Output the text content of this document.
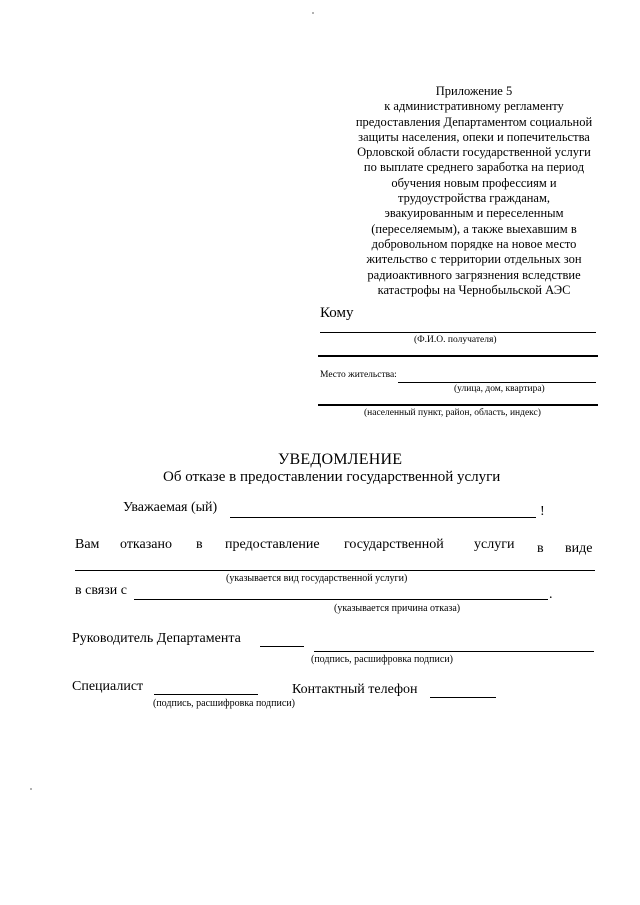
Приложение 5
к административному регламенту
предоставления Департаментом социальной
защиты населения, опеки и попечительства
Орловской области государственной услуги
по выплате среднего заработка на период
обучения новым профессиям и
трудоустройства гражданам,
эвакуированным и переселенным
(переселяемым), а также выехавшим в
добровольном порядке на новое место
жительство с территории отдельных зон
радиоактивного загрязнения вследствие
катастрофы на Чернобыльской АЭС
Кому
(Ф.И.О. получателя)
Место жительства:
(улица, дом, квартира)
(населенный пункт, район, область, индекс)
УВЕДОМЛЕНИЕ
Об отказе в предоставлении государственной услуги
Уважаемая (ый)	!
Вам отказано в предоставление государственной услуги в виде
(указывается вид государственной услуги)
в связи с	.
(указывается причина отказа)
Руководитель Департамента
(подпись, расшифровка подписи)
Специалист
(подпись, расшифровка подписи)
Контактный телефон
